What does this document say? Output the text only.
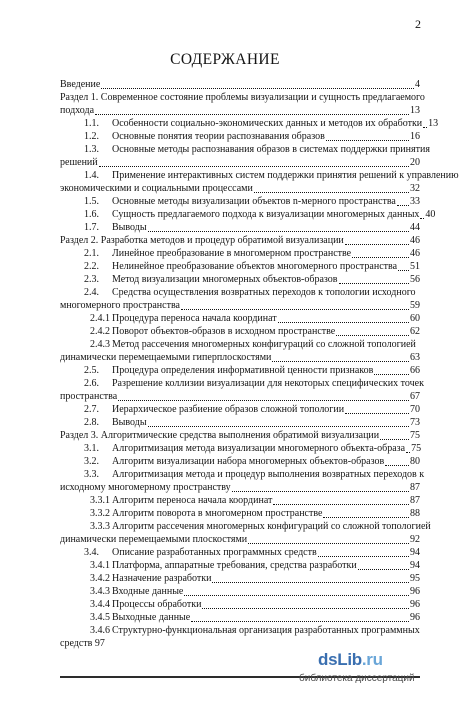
2
СОДЕРЖАНИЕ
Введение	4
Раздел 1. Современное состояние проблемы визуализации и сущность предлагаемого
подхода	13
1.1. Особенности социально-экономических данных и методов их обработки 13
1.2. Основные понятия теории распознавания образов	16
1.3. Основные методы распознавания образов в системах поддержки принятия
решений	20
1.4. Применение интерактивных систем поддержки принятия решений к управлению
экономическими и социальными процессами	32
1.5. Основные методы визуализации объектов n-мерного пространства 33
1.6. Сущность предлагаемого подхода к визуализации многомерных данных 40
1.7. Выводы	44
Раздел 2. Разработка методов и процедур обратимой визуализации	46
2.1. Линейное преобразование в многомерном пространстве	46
2.2. Нелинейное преобразование объектов многомерного пространства 51
2.3. Метод визуализации многомерных объектов-образов	56
2.4. Средства осуществления возвратных переходов к топологии исходного
многомерного пространства	59
2.4.1 Процедура переноса начала координат	60
2.4.2 Поворот объектов-образов в исходном пространстве	62
2.4.3 Метод рассечения многомерных конфигураций со сложной топологией
динамически перемещаемыми гиперплоскостями	63
2.5. Процедура определения информативной ценности признаков	66
2.6. Разрешение коллизии визуализации для некоторых специфических точек
пространства	67
2.7. Иерархическое разбиение образов сложной топологии	70
2.8. Выводы	73
Раздел 3. Алгоритмические средства выполнения обратимой визуализации	75
3.1. Алгоритмизация метода визуализации многомерного объекта-образа 75
3.2. Алгоритм визуализации набора многомерных объектов-образов	80
3.3. Алгоритмизация метода и процедур выполнения возвратных переходов к
исходному многомерному пространству	87
3.3.1 Алгоритм переноса начала координат	87
3.3.2 Алгоритм поворота в многомерном пространстве	88
3.3.3 Алгоритм рассечения многомерных конфигураций со сложной топологией
динамически перемещаемыми плоскостями	92
3.4. Описание разработанных программных средств	94
3.4.1 Платформа, аппаратные требования, средства разработки	94
3.4.2 Назначение разработки	95
3.4.3 Входные данные	96
3.4.4 Процессы обработки	96
3.4.5 Выходные данные	96
3.4.6 Структурно-функциональная организация разработанных программных
средств 97
dsLib.ru
библиотека диссертаций
